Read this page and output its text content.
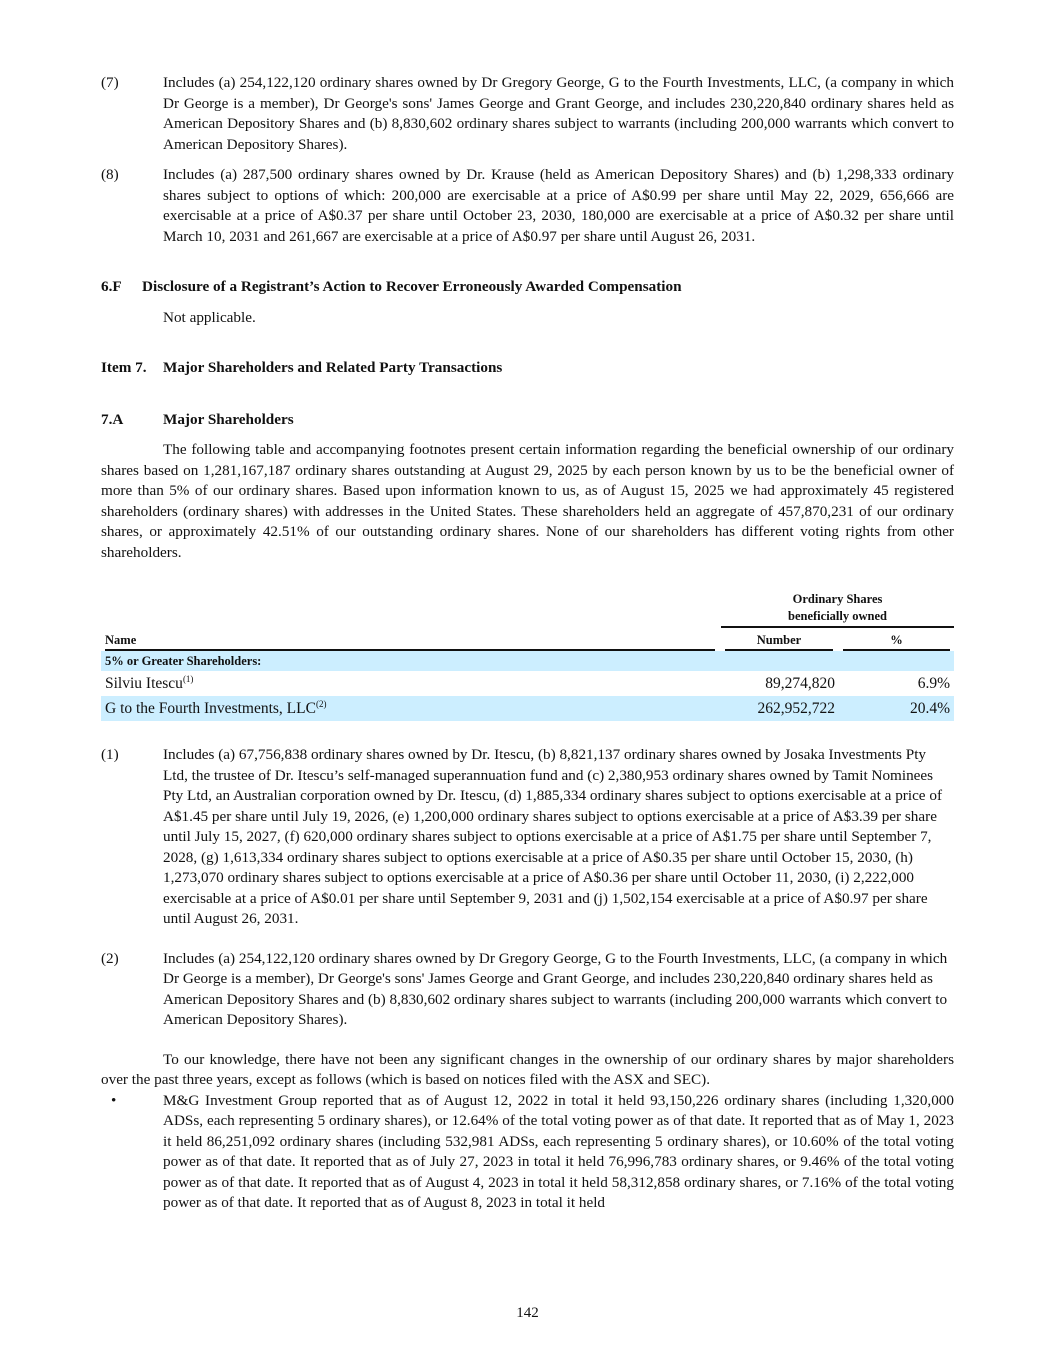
(7)	Includes (a) 254,122,120 ordinary shares owned by Dr Gregory George, G to the Fourth Investments, LLC, (a company in which Dr George is a member), Dr George's sons' James George and Grant George, and includes 230,220,840 ordinary shares held as American Depository Shares and (b) 8,830,602 ordinary shares subject to warrants (including 200,000 warrants which convert to American Depository Shares).
(8)	Includes (a) 287,500 ordinary shares owned by Dr. Krause (held as American Depository Shares) and (b) 1,298,333 ordinary shares subject to options of which: 200,000 are exercisable at a price of A$0.99 per share until May 22, 2029, 656,666 are exercisable at a price of A$0.37 per share until October 23, 2030, 180,000 are exercisable at a price of A$0.32 per share until March 10, 2031 and 261,667 are exercisable at a price of A$0.97 per share until August 26, 2031.
6.F Disclosure of a Registrant’s Action to Recover Erroneously Awarded Compensation
Not applicable.
Item 7. Major Shareholders and Related Party Transactions
7.A	Major Shareholders
The following table and accompanying footnotes present certain information regarding the beneficial ownership of our ordinary shares based on 1,281,167,187 ordinary shares outstanding at August 29, 2025 by each person known by us to be the beneficial owner of more than 5% of our ordinary shares. Based upon information known to us, as of August 15, 2025 we had approximately 45 registered shareholders (ordinary shares) with addresses in the United States. These shareholders held an aggregate of 457,870,231 of our ordinary shares, or approximately 42.51% of our outstanding ordinary shares. None of our shareholders has different voting rights from other shareholders.

	Ordinary Shares
beneficially owned	

Name	Number	%

5% or Greater Shareholders:		
Silviu Itescu$^{(1)}$	89,274,820	6.9%
G to the Fourth Investments, LLC$^{(2)}$	262,952,722	20.4%
(1)	Includes (a) 67,756,838 ordinary shares owned by Dr. Itescu, (b) 8,821,137 ordinary shares owned by Josaka Investments Pty Ltd, the trustee of Dr. Itescu’s self-managed superannuation fund and (c) 2,380,953 ordinary shares owned by Tamit Nominees Pty Ltd, an Australian corporation owned by Dr. Itescu, (d) 1,885,334 ordinary shares subject to options exercisable at a price of A$1.45 per share until July 19, 2026, (e) 1,200,000 ordinary shares subject to options exercisable at a price of A$3.39 per share until July 15, 2027, (f) 620,000 ordinary shares subject to options exercisable at a price of A$1.75 per share until September 7, 2028, (g) 1,613,334 ordinary shares subject to options exercisable at a price of A$0.35 per share until October 15, 2030, (h) 1,273,070 ordinary shares subject to options exercisable at a price of A$0.36 per share until October 11, 2030, (i) 2,222,000 exercisable at a price of A$0.01 per share until September 9, 2031 and (j) 1,502,154 exercisable at a price of A$0.97 per share until August 26, 2031.
(2)	Includes (a) 254,122,120 ordinary shares owned by Dr Gregory George, G to the Fourth Investments, LLC, (a company in which Dr George is a member), Dr George's sons' James George and Grant George, and includes 230,220,840 ordinary shares held as American Depository Shares and (b) 8,830,602 ordinary shares subject to warrants (including 200,000 warrants which convert to American Depository Shares).
To our knowledge, there have not been any significant changes in the ownership of our ordinary shares by major shareholders over the past three years, except as follows (which is based on notices filed with the ASX and SEC).
•	M&G Investment Group reported that as of August 12, 2022 in total it held 93,150,226 ordinary shares (including 1,320,000 ADSs, each representing 5 ordinary shares), or 12.64% of the total voting power as of that date. It reported that as of May 1, 2023 it held 86,251,092 ordinary shares (including 532,981 ADSs, each representing 5 ordinary shares), or 10.60% of the total voting power as of that date. It reported that as of July 27, 2023 in total it held 76,996,783 ordinary shares, or 9.46% of the total voting power as of that date. It reported that as of August 4, 2023 in total it held 58,312,858 ordinary shares, or 7.16% of the total voting power as of that date. It reported that as of August 8, 2023 in total it held
142
